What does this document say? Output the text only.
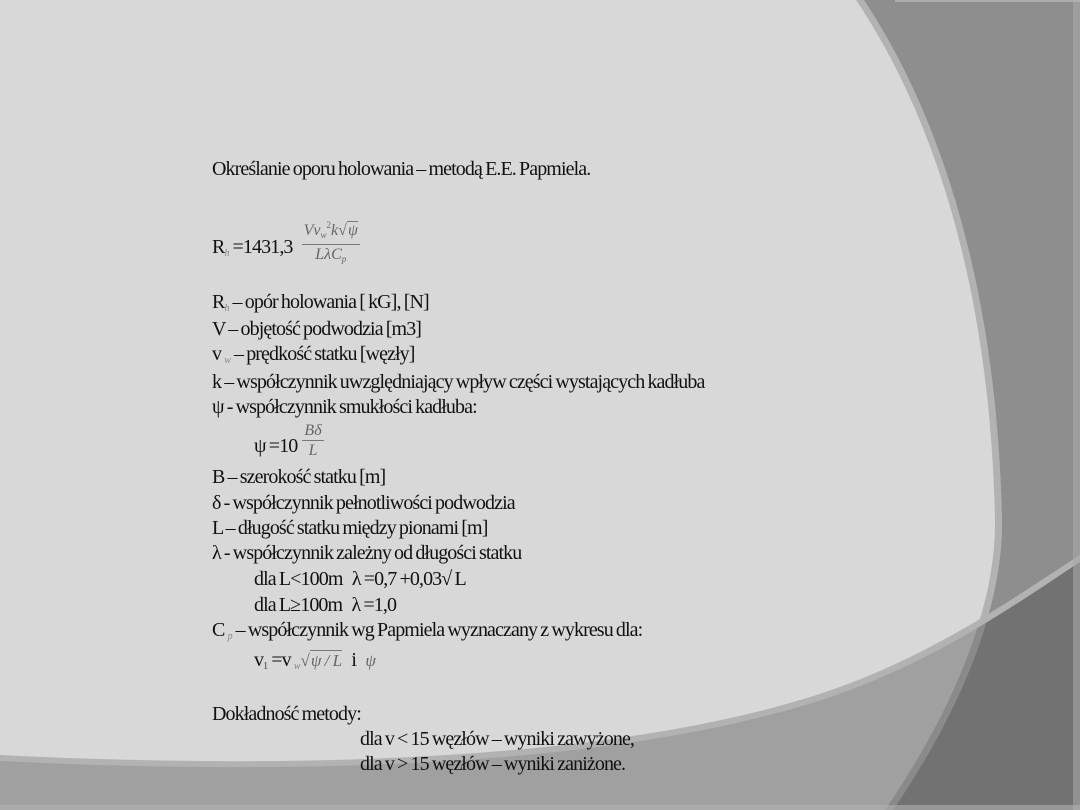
Określanie oporu holowania – metodą E.E. Papmiela.
$R_h =1431,3 \frac{Vvw^2k√\psi}{\text{LλCp}}$
$R_h$ – opór holowania [ kG], [N]
V – objętość podwodzia [m3]
v $_w$ – prędkość statku [węzły]
k – współczynnik uwzględniający wpływ części wystających kadłuba
ψ - współczynnik smukłości kadłuba:
$\psi =10 \frac{B\delta}{L}$
B – szerokość statku [m]
δ - współczynnik pełnotliwości podwodzia
L – długość statku między pionami [m]
λ - współczynnik zależny od długości statku
dla L<100m λ =0,7 +0,03√ L
dla L≥100m λ =1,0
C $_p$ – współczynnik wg Papmiela wyznaczany z wykresu dla:
v1 =v $_w$√ψ / L i ψ
Dokładność metody:
dla v < 15 węzłów – wyniki zawyżone,
dla v > 15 węzłów – wyniki zaniżone.
